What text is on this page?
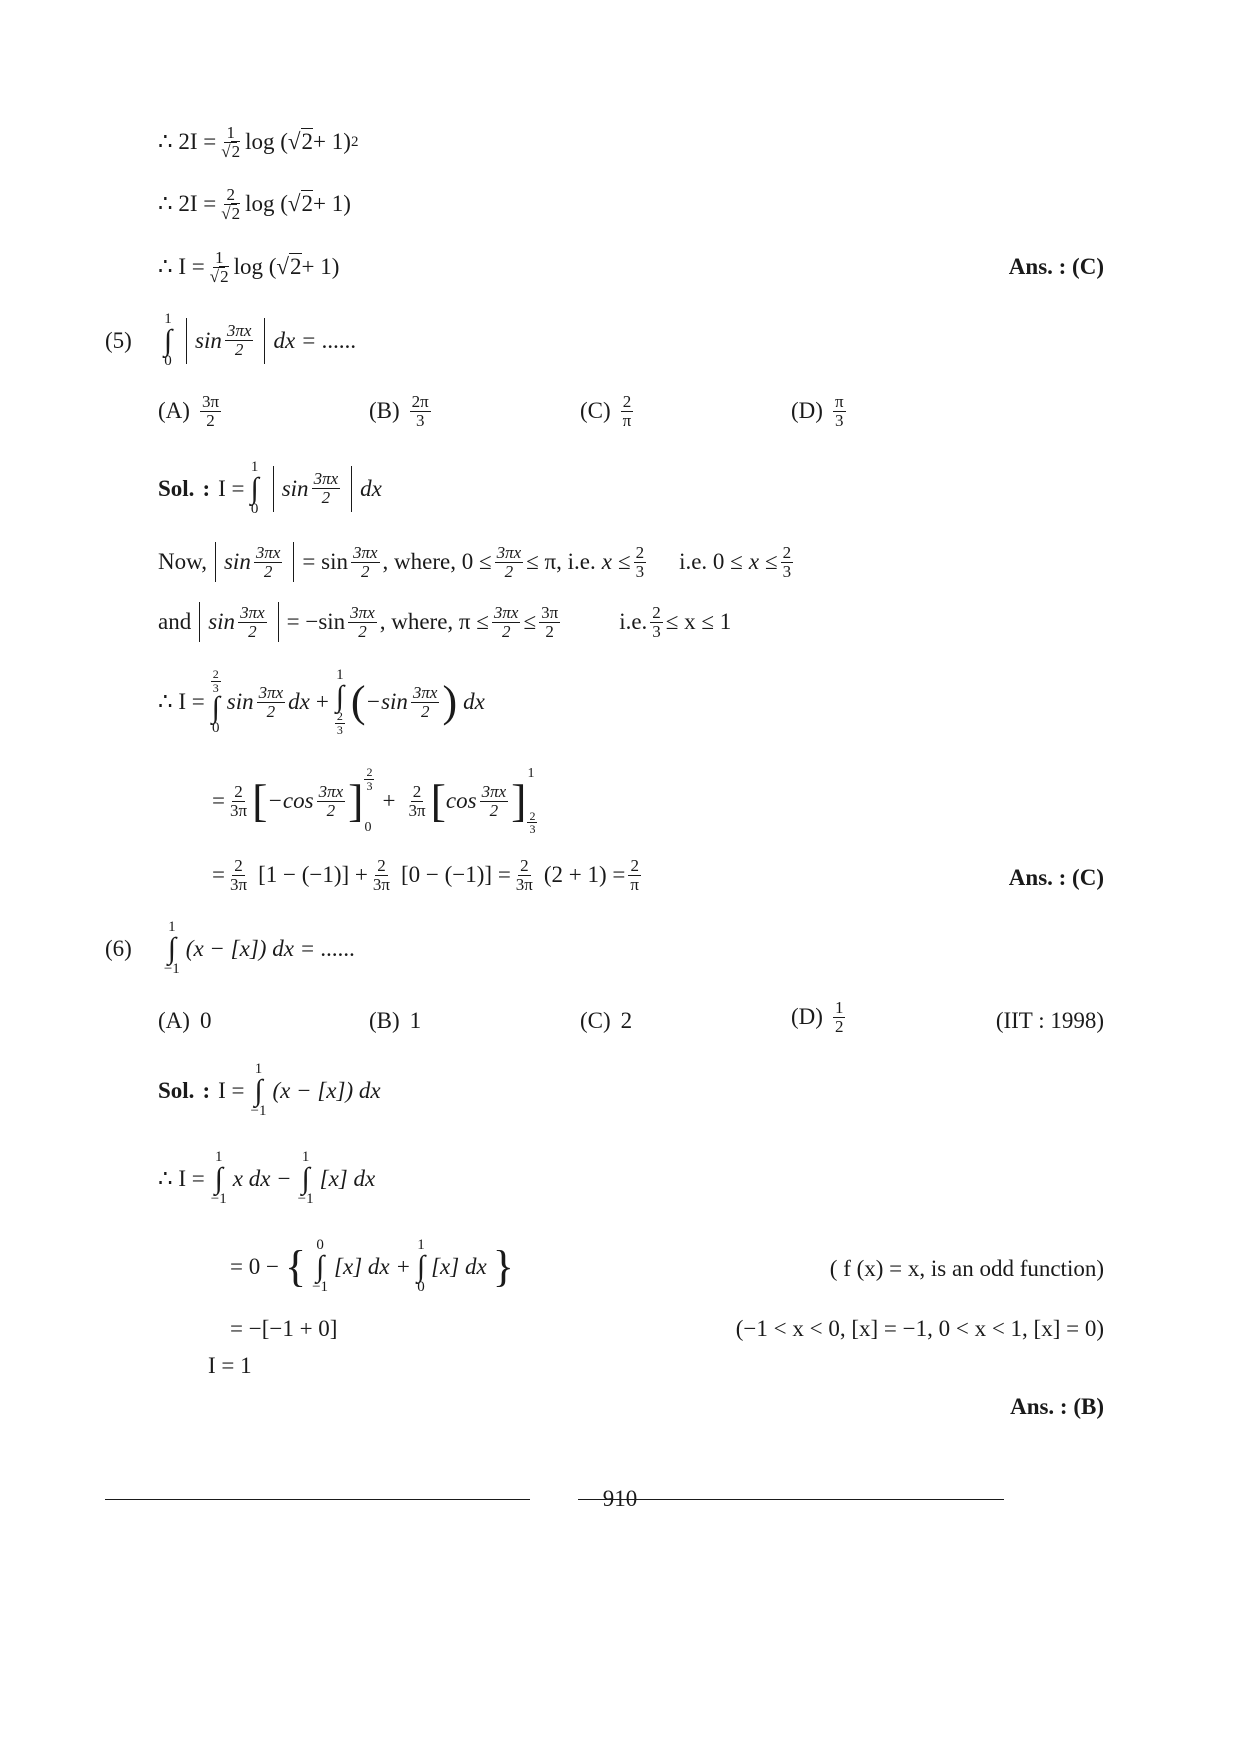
∴ $2I = \frac{1}{√2}$ log ( √2 + 1) 2
∴ $2I = \frac{2}{√2}$ log ( √2 + 1)
∴ $I = \frac{1}{√2}$ log ( √2 + 1)	Ans. : (C)
(5)
1
∫
0
$\sin \frac{3\pi x}{2}$ dx = ......
$(A) \frac{3\pi}{2}$	$(B) \frac{2\pi}{3}$	$(C) \frac{2}{\pi}$	$(D) \frac{\pi}{3}$
Sol. : I =
1
∫
0
$\sin \frac{3\pi x}{2}$ dx
Now, $\sin \frac{3\pi x}{2} = \sin \frac{3\pi x}{2}$ , where, $0 \le \frac{3\pi x}{2} \le \pi$, i.e. $x \le \frac{2}{3} i.e$. $0 \le x \le \frac{2}{3}$
and $\sin \frac{3\pi x}{2} = -\sin \frac{3\pi x}{2}$ , where, $\pi \le \frac{3\pi x}{2} \le \frac{3\pi}{2}$	i.e. $\frac{2}{3} \le x \le 1$
∴ I =
$\frac{2}{3}$
∫
0
$\sin \frac{3\pi x}{2}$ dx +
1
∫
$\frac{2}{3}$ ( $-\sin \frac{3\pi x}{2}$ ) dx
= $\frac{2}{3\pi}$ [ $-\cos \frac{3\pi x}{2}$ ] $\frac{2}{3}$
0
+ $\frac{2}{3\pi}$ [ $\cos \frac{3\pi x}{2}$ ]
1
$\frac{2}{3}$
= $\frac{2}{3\pi} [1 - (-1)] + \frac{2}{3\pi} [0 - (-1)] = \frac{2}{3\pi} (2 + 1) = \frac{2}{\pi}$	Ans. : (C)
(6)
1
∫
−1
(x − [x]) dx = ......
(A) 0	(B) 1	(C) 2	$(D) \frac{1}{2}$	(IIT : 1998)
Sol. : I =
1
∫
−1
(x − [x]) dx
∴ I =
1
∫
−1
x dx −
1
∫
−1
[x] dx
= 0 − { 0
∫
−1
[x] dx +
1
∫
0
[x] dx }	( f (x) = x, is an odd function)
= −[−1 + 0]	(−1 < x < 0, [x] = −1, 0 < x < 1, [x] = 0)
I = 1
Ans. : (B)
910
